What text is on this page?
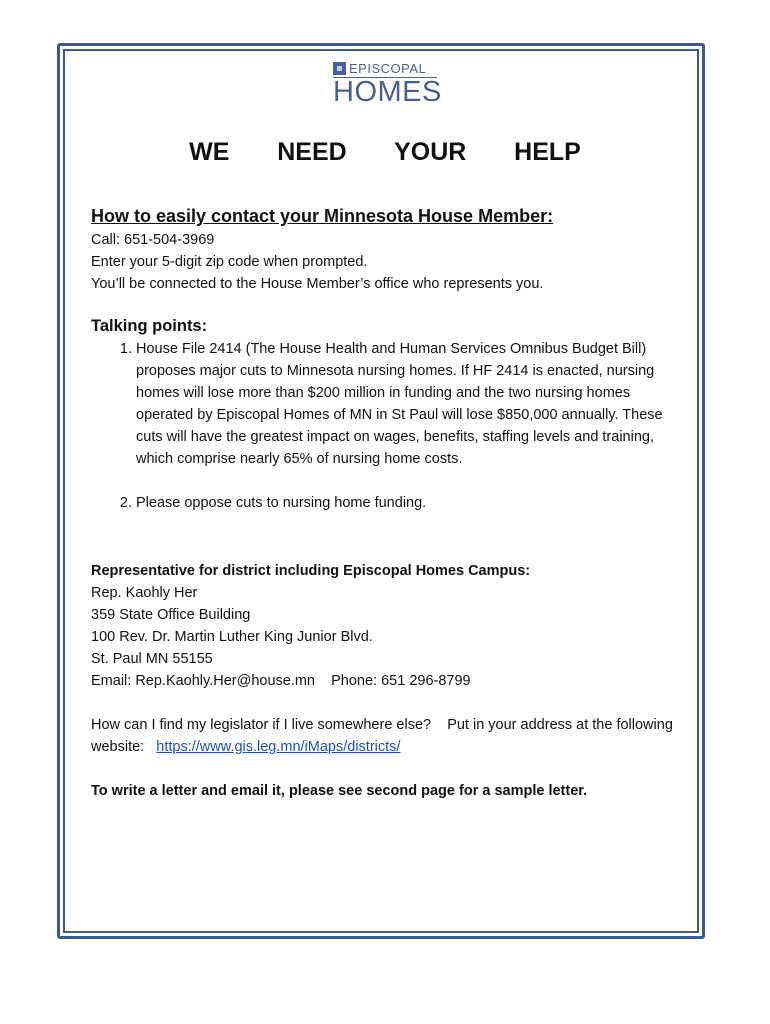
EPISCOPAL
HOMES
WE   NEED   YOUR   HELP

How to easily contact your Minnesota House Member:

Call: 651-504-3969

Enter your 5-digit zip code when prompted.

You’ll be connected to the House Member’s office who represents you.

Talking points:

1. House File 2414 (The House Health and Human Services Omnibus Budget Bill) proposes major cuts to Minnesota nursing homes. If HF 2414 is enacted, nursing homes will lose more than $200 million in funding and the two nursing homes operated by Episcopal Homes of MN in St Paul will lose $850,000 annually. These cuts will have the greatest impact on wages, benefits, staffing levels and training, which comprise nearly 65% of nursing home costs.
2. Please oppose cuts to nursing home funding.

Representative for district including Episcopal Homes Campus:

Rep. Kaohly Her

359 State Office Building

100 Rev. Dr. Martin Luther King Junior Blvd.

St. Paul MN 55155

Email: Rep.Kaohly.Her@house.mn    Phone: 651 296-8799

How can I find my legislator if I live somewhere else?    Put in your address at the following website:   https://www.gis.leg.mn/iMaps/districts/

To write a letter and email it, please see second page for a sample letter.
